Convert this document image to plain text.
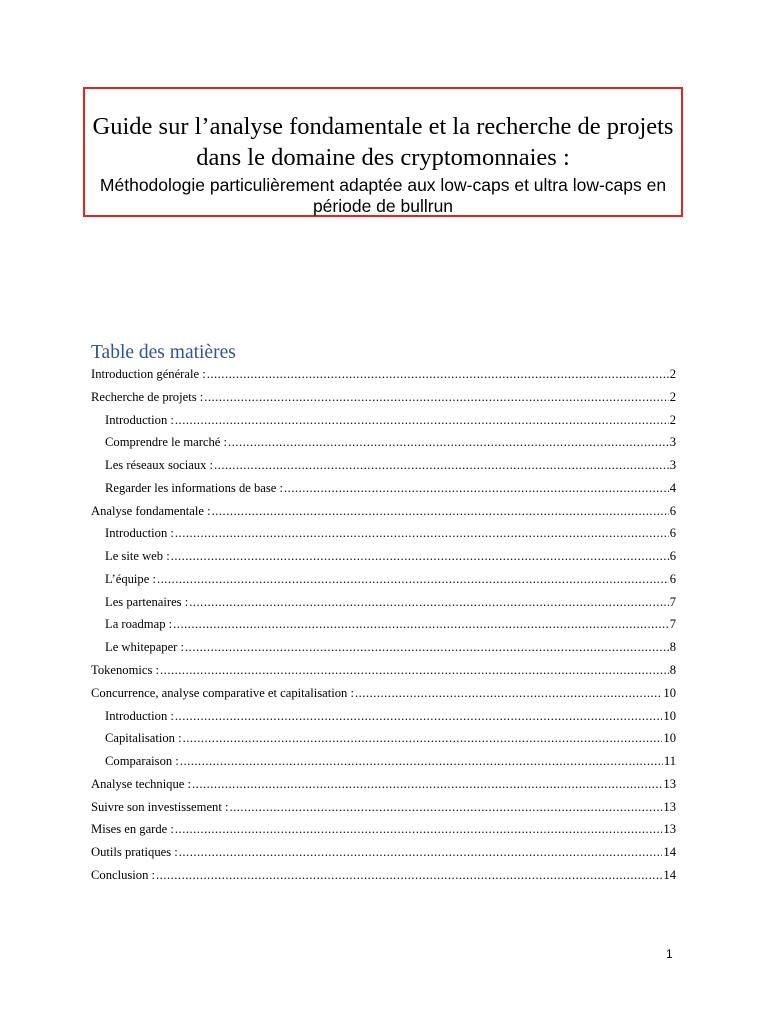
Guide sur l’analyse fondamentale et la recherche de projets dans le domaine des cryptomonnaies :

Méthodologie particulièrement adaptée aux low-caps et ultra low-caps en période de bullrun

Table des matières
Introduction générale : .....	2
Recherche de projets : .....	2
Introduction : .....	2
Comprendre le marché : .....	3
Les réseaux sociaux : .....	3
Regarder les informations de base : .....	4
Analyse fondamentale : .....	6
Introduction : .....	6
Le site web : .....	6
L’équipe : .....	6
Les partenaires : .....	7
La roadmap : .....	7
Le whitepaper : .....	8
Tokenomics : .....	8
Concurrence, analyse comparative et capitalisation : .....	10
Introduction : .....	10
Capitalisation : .....	10
Comparaison : .....	11
Analyse technique : .....	13
Suivre son investissement : .....	13
Mises en garde : .....	13
Outils pratiques : .....	14
Conclusion : .....	14
1
